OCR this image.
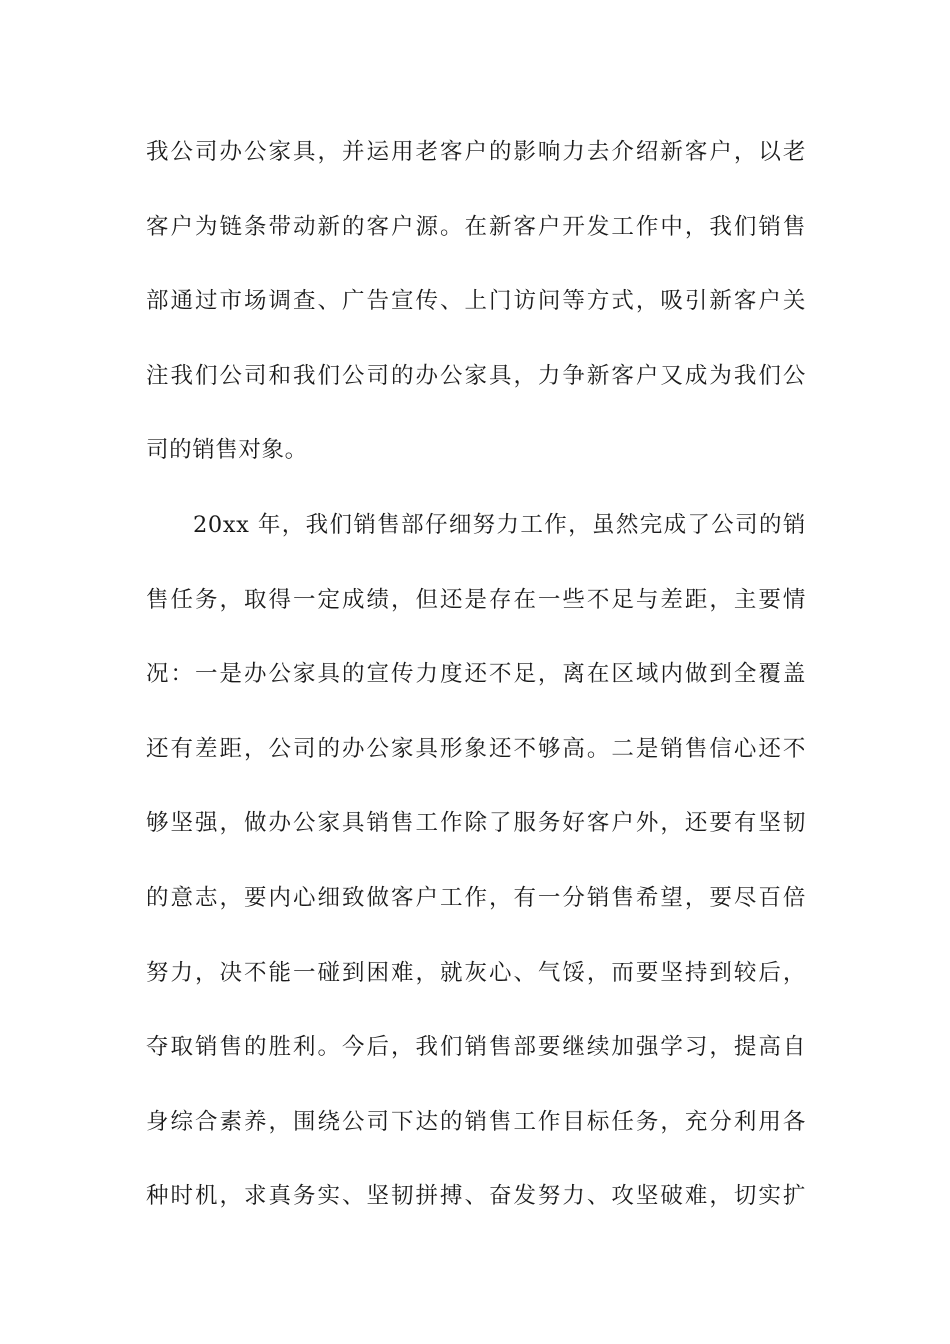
我公司办公家具，并运用老客户的影响力去介绍新客户，以老
客户为链条带动新的客户源。在新客户开发工作中，我们销售
部通过市场调查、广告宣传、上门访问等方式，吸引新客户关
注我们公司和我们公司的办公家具，力争新客户又成为我们公
司的销售对象。
20xx 年，我们销售部仔细努力工作，虽然完成了公司的销
售任务，取得一定成绩，但还是存在一些不足与差距，主要情
况：一是办公家具的宣传力度还不足，离在区域内做到全覆盖
还有差距，公司的办公家具形象还不够高。二是销售信心还不
够坚强，做办公家具销售工作除了服务好客户外，还要有坚韧
的意志，要内心细致做客户工作，有一分销售希望，要尽百倍
努力，决不能一碰到困难，就灰心、气馁，而要坚持到较后，
夺取销售的胜利。今后，我们销售部要继续加强学习，提高自
身综合素养，围绕公司下达的销售工作目标任务，充分利用各
种时机，求真务实、坚韧拼搏、奋发努力、攻坚破难，切实扩
